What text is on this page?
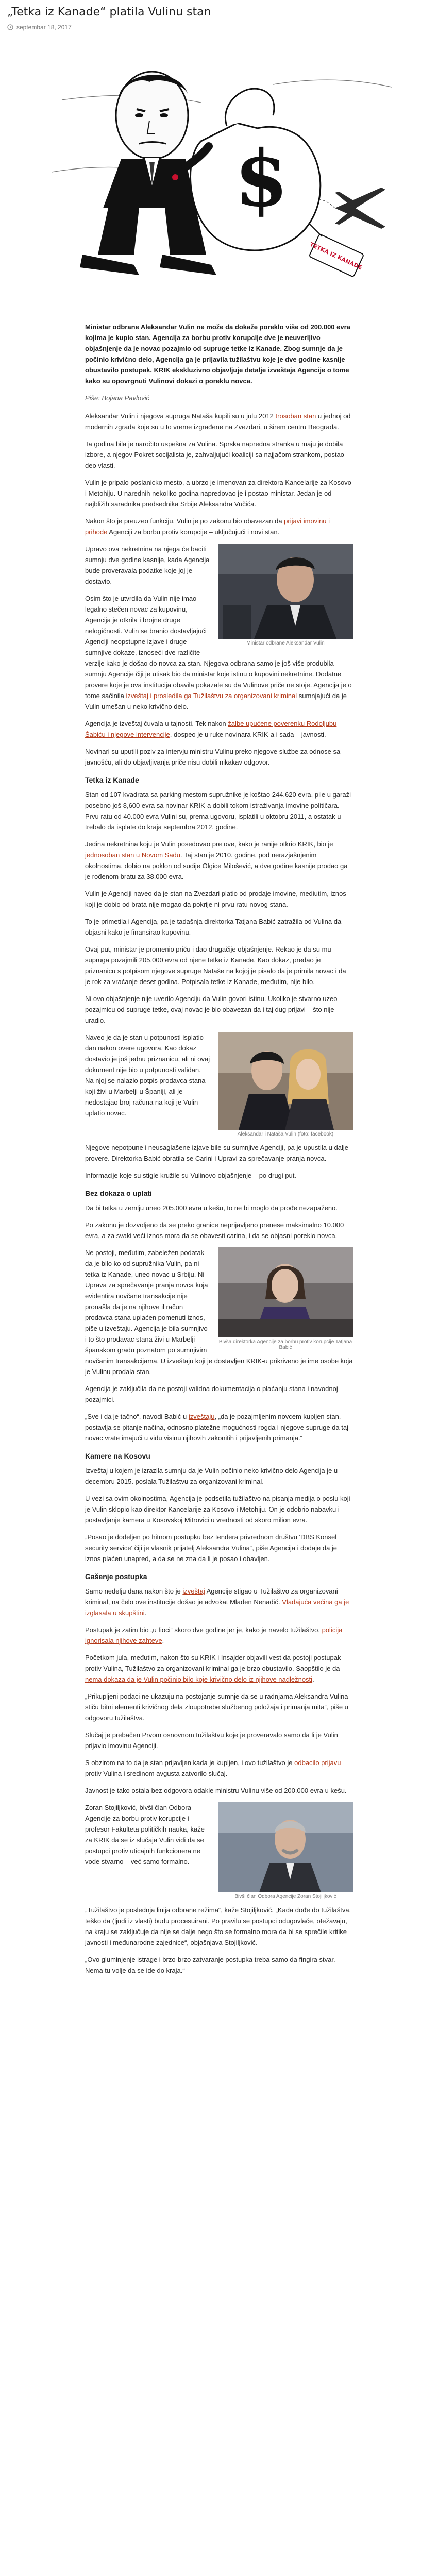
„Tetka iz Kanade“ platila Vulinu stan
septembar 18, 2017
$
TETKA IZ KANADE

Ministar odbrane Aleksandar Vulin ne može da dokaže poreklo više od 200.000 evra kojima je kupio stan. Agencija za borbu protiv korupcije dve je neuverljivo objašnjenje da je novac pozajmio od supruge tetke iz Kanade. Zbog sumnje da je počinio krivično delo, Agencija ga je prijavila tužilaštvu koje je dve godine kasnije obustavilo postupak. KRIK ekskluzivno objavljuje detalje izveštaja Agencije o tome kako su opovrgnuti Vulinovi dokazi o poreklu novca.

Piše: Bojana Pavlović

Aleksandar Vulin i njegova supruga Nataša kupili su u julu 2012 trosoban stan u jednoj od modernih zgrada koje su u to vreme izgrađene na Zvezdari, u širem centru Beograda.

Ta godina bila je naročito uspešna za Vulina. Sprska napredna stranka u maju je dobila izbore, a njegov Pokret socijalista je, zahvaljujući koaliciji sa najjačom strankom, postao deo vlasti.

Vulin je pripalo poslanicko mesto, a ubrzo je imenovan za direktora Kancelarije za Kosovo i Metohiju. U narednih nekoliko godina napredovao je i postao ministar. Jedan je od najbližih saradnika predsednika Srbije Aleksandra Vučića.

Nakon što je preuzeo funkciju, Vulin je po zakonu bio obavezan da prijavi imovinu i prihode Agenciji za borbu protiv korupcije – uključujući i novi stan.

Ministar odbrane Aleksandar Vulin

Upravo ova nekretnina na njega će baciti sumnju dve godine kasnije, kada Agencija bude proveravala podatke koje joj je dostavio.

Osim što je utvrdila da Vulin nije imao legalno stečen novac za kupovinu, Agencija je otkrila i brojne druge nelogičnosti. Vulin se branio dostavljajući Agenciji neopstupne izjave i druge sumnjive dokaze, iznoseći dve različite verzije kako je došao do novca za stan. Njegova odbrana samo je još više produbila sumnju Agencije čiji je utisak bio da ministar koje istinu o kupovini nekretnine. Dodatne provere koje je ova institucija obavila pokazale su da Vulinove priče ne stoje. Agencija je o tome sačinila izveštaj i prosledila ga Tužilaštvu za organizovani kriminal sumnjajući da je Vulin umešan u neko krivično delo.

Agencija je izveštaj čuvala u tajnosti. Tek nakon žalbe upućene poverenku Rodoljubu Šabiću i njegove intervencije, dospeo je u ruke novinara KRIK-a i sada – javnosti.

Novinari su uputili poziv za intervju ministru Vulinu preko njegove službe za odnose sa javnošću, ali do objavljivanja priče nisu dobili nikakav odgovor.

Tetka iz Kanade

Stan od 107 kvadrata sa parking mestom supružnike je koštao 244.620 evra, pile u garaži posebno još 8,600 evra sa novinar KRIK-a dobili tokom istraživanja imovine političara. Prvu ratu od 40.000 evra Vulini su, prema ugovoru, isplatili u oktobru 2011, a ostatak u trebalo da isplate do kraja septembra 2012. godine.

Jedina nekretnina koju je Vulin posedovao pre ove, kako je ranije otkrio KRIK, bio je jednosoban stan u Novom Sadu. Taj stan je 2010. godine, pod nerazjašnjenim okolnostima, dobio na poklon od sudije Olgice Milošević, a dve godine kasnije prodao ga je rođenom bratu za 38.000 evra.

Vulin je Agenciji naveo da je stan na Zvezdari platio od prodaje imovine, mediutim, iznos koji je dobio od brata nije mogao da pokrije ni prvu ratu novog stana.

To je primetila i Agencija, pa je tadašnja direktorka Tatjana Babić zatražila od Vulina da objasni kako je finansirao kupovinu.

Ovaj put, ministar je promenio priču i dao drugačije objašnjenje. Rekao je da su mu supruga pozajmili 205.000 evra od njene tetke iz Kanade. Kao dokaz, predao je priznanicu s potpisom njegove supruge Nataše na kojoj je pisalo da je primila novac i da je rok za vraćanje deset godina. Potpisala tetke iz Kanade, međutim, nije bilo.

Ni ovo objašnjenje nije uverilo Agenciju da Vulin govori istinu. Ukoliko je stvarno uzeo pozajmicu od supruge tetke, ovaj novac je bio obavezan da i taj dug prijavi – što nije uradio.

Aleksandar i Nataša Vulin (foto: facebook)

Naveo je da je stan u potpunosti isplatio dan nakon overe ugovora. Kao dokaz dostavio je još jednu priznanicu, ali ni ovaj dokument nije bio u potpunosti validan. Na njoj se nalazio potpis prodavca stana koji živi u Marbelji u Španiji, ali je nedostajao broj računa na koji je Vulin uplatio novac.

Njegove nepotpune i neusaglašene izjave bile su sumnjive Agenciji, pa je upustila u dalje provere. Direktorka Babić obratila se Carini i Upravi za sprečavanje pranja novca.

Informacije koje su stigle kružile su Vulinovo objašnjenje – po drugi put.

Bez dokaza o uplati

Da bi tetka u zemlju uneo 205.000 evra u kešu, to ne bi moglo da prođe nezapaženo.

Po zakonu je dozvoljeno da se preko granice neprijavljeno prenese maksimalno 10.000 evra, a za svaki veći iznos mora da se obavesti carina, i da se objasni poreklo novca.

Bivša direktorka Agencije za borbu protiv korupcije Tatjana Babić

Ne postoji, međutim, zabeležen podatak da je bilo ko od supružnika Vulin, pa ni tetka iz Kanade, uneo novac u Srbiju. Ni Uprava za sprečavanje pranja novca koja evidentira novčane transakcije nije pronašla da je na njihove il račun prodavca stana uplaćen pomenuti iznos, piše u izveštaju. Agencija je bila sumnjivo i to što prodavac stana živi u Marbelji – španskom gradu poznatom po sumnjivim novčanim transakcijama. U izveštaju koji je dostavljen KRIK-u prikriveno je ime osobe koja je Vulinu prodala stan.

Agencija je zaključila da ne postoji validna dokumentacija o plaćanju stana i navodnoj pozajmici.

„Sve i da je tačno“, navodi Babić u izveštaju, „da je pozajmljenim novcem kupljen stan, postavlja se pitanje načina, odnosno platežne mogućnosti rogda i njegove supruge da taj novac vrate imajući u vidu visinu njihovih zakonitih i prijavljenih primanja.“

Kamere na Kosovu

Izveštaj u kojem je izrazila sumnju da je Vulin počinio neko krivično delo Agencija je u decembru 2015. poslala Tužilaštvu za organizovani kriminal.

U vezi sa ovim okolnostima, Agencija je podsetila tužilaštvo na pisanja medija o poslu koji je Vulin sklopio kao direktor Kancelarije za Kosovo i Metohiju. On je odobrio nabavku i postavljanje kamera u Kosovskoj Mitrovici u vrednosti od skoro milion evra.

„Posao je dodeljen po hitnom postupku bez tendera privrednom društvu 'DBS Konsel security service' čiji je vlasnik prijatelj Aleksandra Vulina“, piše Agencija i dodaje da je iznos plaćen unapred, a da se ne zna da li je posao i obavljen.

Gašenje postupka

Samo nedelju dana nakon što je izveštaj Agencije stigao u Tužilaštvo za organizovani kriminal, na čelo ove institucije došao je advokat Mladen Nenadić. Vladajuća većina ga je izglasala u skupštini.

Postupak je zatim bio „u fioci“ skoro dve godine jer je, kako je navelo tužilaštvo, policija ignorisala njihove zahteve.

Početkom jula, međutim, nakon što su KRIK i Insajder objavili vest da postoji postupak protiv Vulina, Tužilaštvo za organizovani kriminal ga je brzo obustavilo. Saopštilo je da nema dokaza da je Vulin počinio bilo koje krivično delo iz njihove nadležnosti.

„Prikupljeni podaci ne ukazuju na postojanje sumnje da se u radnjama Aleksandra Vulina stiču bitni elementi krivičnog dela zloupotrebe službenog položaja i primanja mita“, piše u odgovoru tužilaštva.

Slučaj je prebačen Prvom osnovnom tužilaštvu koje je proveravalo samo da li je Vulin prijavio imovinu Agenciji.

S obzirom na to da je stan prijavljen kada je kupljen, i ovo tužilaštvo je odbacilo prijavu protiv Vulina i sredinom avgusta zatvorilo slučaj.

Javnost je tako ostala bez odgovora odakle ministru Vulinu više od 200.000 evra u kešu.

Bivši član Odbora Agencije Zoran Stojiljković

Zoran Stojiljković, bivši član Odbora Agencije za borbu protiv korupcije i profesor Fakulteta političkih nauka, kaže za KRIK da se iz slučaja Vulin vidi da se postupci protiv uticajnih funkcionera ne vode stvarno – već samo formalno.

„Tužilaštvo je poslednja linija odbrane režima“, kaže Stojiljković. „Kada dođe do tužilaštva, teško da (ljudi iz vlasti) budu procesuirani. Po pravilu se postupci odugovlače, otežavaju, na kraju se zaključuje da nije se dalje nego što se formalno mora da bi se sprečile kritike javnosti i međunarodne zajednice“, objašnjava Stojiljković.

„Ovo gluminjenje istrage i brzo-brzo zatvaranje postupka treba samo da fingira stvar. Nema tu volje da se ide do kraja.“
